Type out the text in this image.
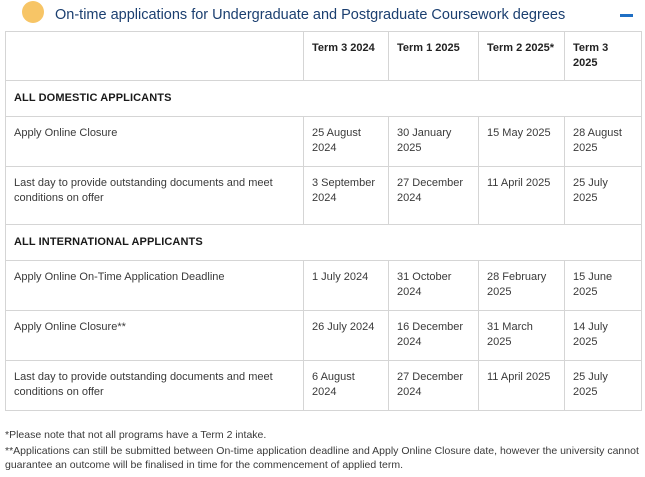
On-time applications for Undergraduate and Postgraduate Coursework degrees
	Term 3 2024	Term 1 2025	Term 2 2025*	Term 3 2025
ALL DOMESTIC APPLICANTS				
Apply Online Closure	25 August 2024	30 January 2025	15 May 2025	28 August 2025
Last day to provide outstanding documents and meet conditions on offer	3 September 2024	27 December 2024	11 April 2025	25 July 2025
ALL INTERNATIONAL APPLICANTS				
Apply Online On-Time Application Deadline	1 July 2024	31 October 2024	28 February 2025	15 June 2025
Apply Online Closure**	26 July 2024	16 December 2024	31 March 2025	14 July 2025
Last day to provide outstanding documents and meet conditions on offer	6 August 2024	27 December 2024	11 April 2025	25 July 2025

*Please note that not all programs have a Term 2 intake.

**Applications can still be submitted between On-time application deadline and Apply Online Closure date, however the university cannot guarantee an outcome will be finalised in time for the commencement of applied term.
